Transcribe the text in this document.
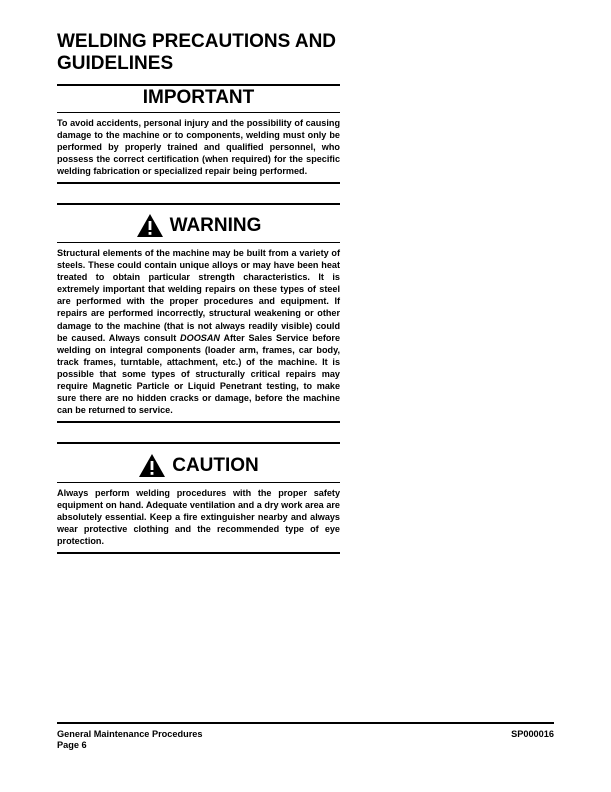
WELDING PRECAUTIONS AND GUIDELINES
IMPORTANT

To avoid accidents, personal injury and the possibility of causing damage to the machine or to components, welding must only be performed by properly trained and qualified personnel, who possess the correct certification (when required) for the specific welding fabrication or specialized repair being performed.

WARNING

Structural elements of the machine may be built from a variety of steels. These could contain unique alloys or may have been heat treated to obtain particular strength characteristics. It is extremely important that welding repairs on these types of steel are performed with the proper procedures and equipment. If repairs are performed incorrectly, structural weakening or other damage to the machine (that is not always readily visible) could be caused. Always consult DOOSAN After Sales Service before welding on integral components (loader arm, frames, car body, track frames, turntable, attachment, etc.) of the machine. It is possible that some types of structurally critical repairs may require Magnetic Particle or Liquid Penetrant testing, to make sure there are no hidden cracks or damage, before the machine can be returned to service.

CAUTION

Always perform welding procedures with the proper safety equipment on hand. Adequate ventilation and a dry work area are absolutely essential. Keep a fire extinguisher nearby and always wear protective clothing and the recommended type of eye protection.

General Maintenance Procedures
Page 6
SP000016
